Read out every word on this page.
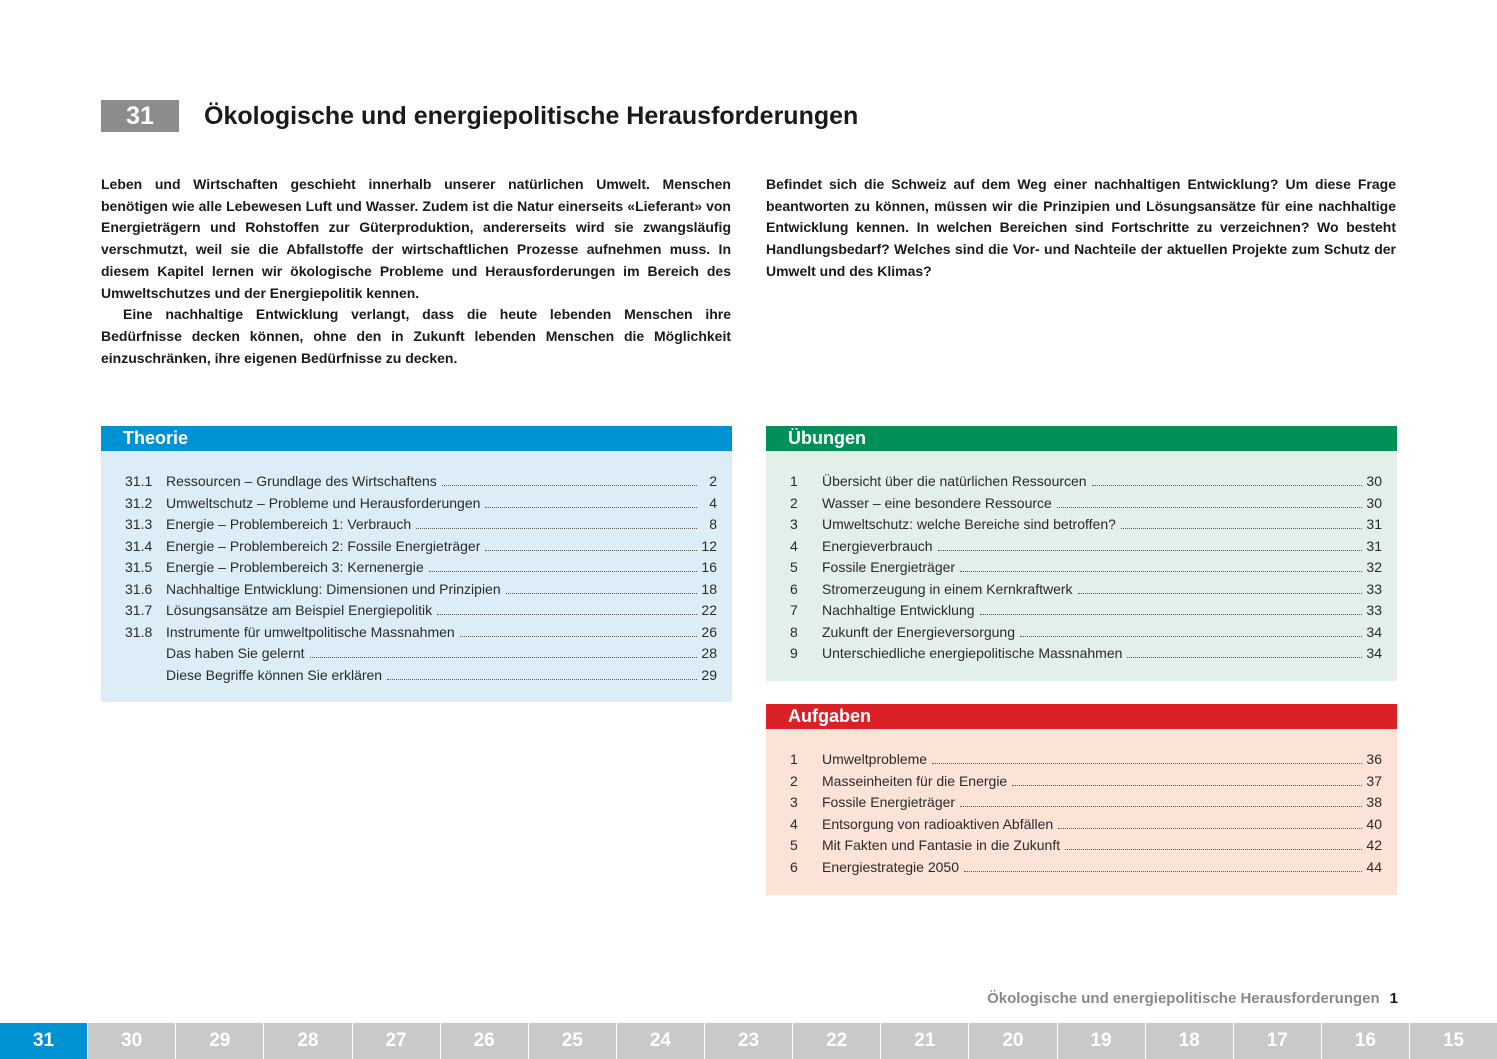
31	Ökologische und energiepolitische Herausforderungen

Leben und Wirtschaften geschieht innerhalb unserer natürlichen Umwelt. Menschen benötigen wie alle Lebewesen Luft und Wasser. Zudem ist die Natur einerseits «Lieferant» von Energieträgern und Rohstoffen zur Güterproduktion, andererseits wird sie zwangsläufig verschmutzt, weil sie die Abfallstoffe der wirtschaftlichen Prozesse aufnehmen muss. In diesem Kapitel lernen wir ökologische Probleme und Herausforderungen im Bereich des Umweltschutzes und der Energiepolitik kennen.

Eine nachhaltige Entwicklung verlangt, dass die heute lebenden Menschen ihre Bedürfnisse decken können, ohne den in Zukunft lebenden Menschen die Möglichkeit einzuschränken, ihre eigenen Bedürfnisse zu decken.

Befindet sich die Schweiz auf dem Weg einer nachhaltigen Entwicklung? Um diese Frage beantworten zu können, müssen wir die Prinzipien und Lösungsansätze für eine nachhaltige Entwicklung kennen. In welchen Bereichen sind Fortschritte zu verzeichnen? Wo besteht Handlungsbedarf? Welches sind die Vor- und Nachteile der aktuellen Projekte zum Schutz der Umwelt und des Klimas?

Theorie
31.1 Ressourcen – Grundlage des Wirtschaftens	2
31.2 Umweltschutz – Probleme und Herausforderungen	4
31.3 Energie – Problembereich 1: Verbrauch	8
31.4 Energie – Problembereich 2: Fossile Energieträger	12
31.5 Energie – Problembereich 3: Kernenergie	16
31.6 Nachhaltige Entwicklung: Dimensionen und Prinzipien	18
31.7 Lösungsansätze am Beispiel Energiepolitik	22
31.8 Instrumente für umweltpolitische Massnahmen	26
Das haben Sie gelernt	28
Diese Begriffe können Sie erklären	29
Übungen
1	Übersicht über die natürlichen Ressourcen	30
2	Wasser – eine besondere Ressource	30
3	Umweltschutz: welche Bereiche sind betroffen?	31
4	Energieverbrauch	31
5	Fossile Energieträger	32
6	Stromerzeugung in einem Kernkraftwerk	33
7	Nachhaltige Entwicklung	33
8	Zukunft der Energieversorgung	34
9	Unterschiedliche energiepolitische Massnahmen	34
Aufgaben
1	Umweltprobleme	36
2	Masseinheiten für die Energie	37
3	Fossile Energieträger	38
4	Entsorgung von radioaktiven Abfällen	40
5	Mit Fakten und Fantasie in die Zukunft	42
6	Energiestrategie 2050	44
Ökologische und energiepolitische Herausforderungen 1
31	30	29	28	27	26	25	24	23	22	21	20	19	18	17	16	15
